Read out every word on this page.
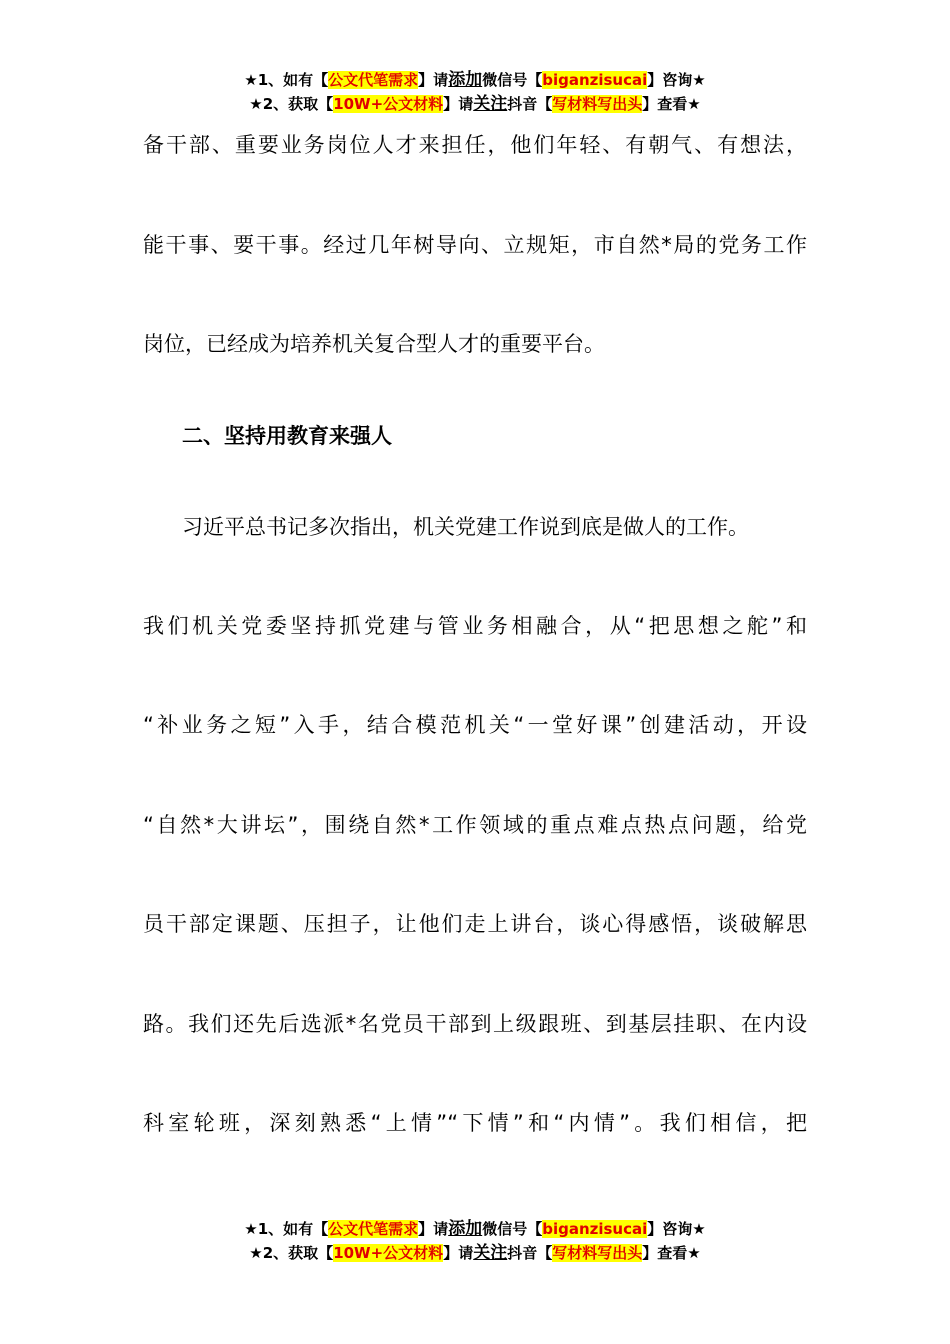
★1、如有【公文代笔需求】请添加微信号【biganzisucai】咨询★
★2、获取【10W+公文材料】请关注抖音【写材料写出头】查看★
备干部、重要业务岗位人才来担任，他们年轻、有朝气、有想法，
能干事、要干事。经过几年树导向、立规矩，市自然*局的党务工作
岗位，已经成为培养机关复合型人才的重要平台。
二、坚持用教育来强人
习近平总书记多次指出，机关党建工作说到底是做人的工作。
我们机关党委坚持抓党建与管业务相融合，从“把思想之舵”和
“补业务之短”入手，结合模范机关“一堂好课”创建活动，开设
“自然*大讲坛”，围绕自然*工作领域的重点难点热点问题，给党
员干部定课题、压担子，让他们走上讲台，谈心得感悟，谈破解思
路。我们还先后选派*名党员干部到上级跟班、到基层挂职、在内设
科室轮班，深刻熟悉“上情”“下情”和“内情”。我们相信，把
★1、如有【公文代笔需求】请添加微信号【biganzisucai】咨询★
★2、获取【10W+公文材料】请关注抖音【写材料写出头】查看★
